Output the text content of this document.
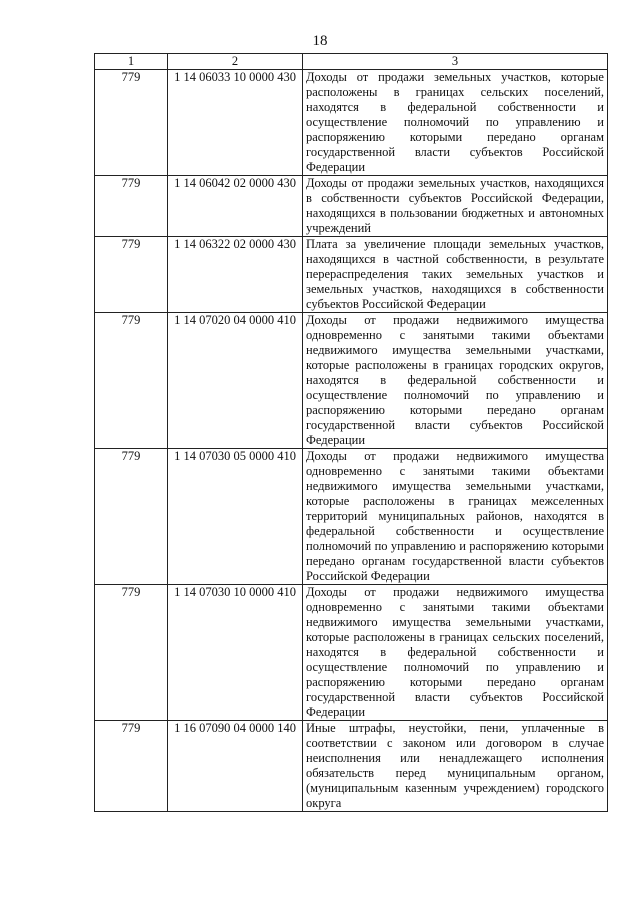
18
1	2	3
779	1 14 06033 10 0000 430	Доходы от продажи земельных участков, которые расположены в границах сельских поселений, находятся в федеральной собственности и осуществление полномочий по управлению и распоряжению которыми передано органам государственной власти субъектов Российской Федерации
779	1 14 06042 02 0000 430	Доходы от продажи земельных участков, находящихся в собственности субъектов Российской Федерации, находящихся в пользовании бюджетных и автономных учреждений
779	1 14 06322 02 0000 430	Плата за увеличение площади земельных участков, находящихся в частной собственности, в результате перераспределения таких земельных участков и земельных участков, находящихся в собственности субъектов Российской Федерации
779	1 14 07020 04 0000 410	Доходы от продажи недвижимого имущества одновременно с занятыми такими объектами недвижимого имущества земельными участками, которые расположены в границах городских округов, находятся в федеральной собственности и осуществление полномочий по управлению и распоряжению которыми передано органам государственной власти субъектов Российской Федерации
779	1 14 07030 05 0000 410	Доходы от продажи недвижимого имущества одновременно с занятыми такими объектами недвижимого имущества земельными участками, которые расположены в границах межселенных территорий муниципальных районов, находятся в федеральной собственности и осуществление полномочий по управлению и распоряжению которыми передано органам государственной власти субъектов Российской Федерации
779	1 14 07030 10 0000 410	Доходы от продажи недвижимого имущества одновременно с занятыми такими объектами недвижимого имущества земельными участками, которые расположены в границах сельских поселений, находятся в федеральной собственности и осуществление полномочий по управлению и распоряжению которыми передано органам государственной власти субъектов Российской Федерации
779	1 16 07090 04 0000 140	Иные штрафы, неустойки, пени, уплаченные в соответствии с законом или договором в случае неисполнения или ненадлежащего исполнения обязательств перед муниципальным органом, (муниципальным казенным учреждением) городского округа
